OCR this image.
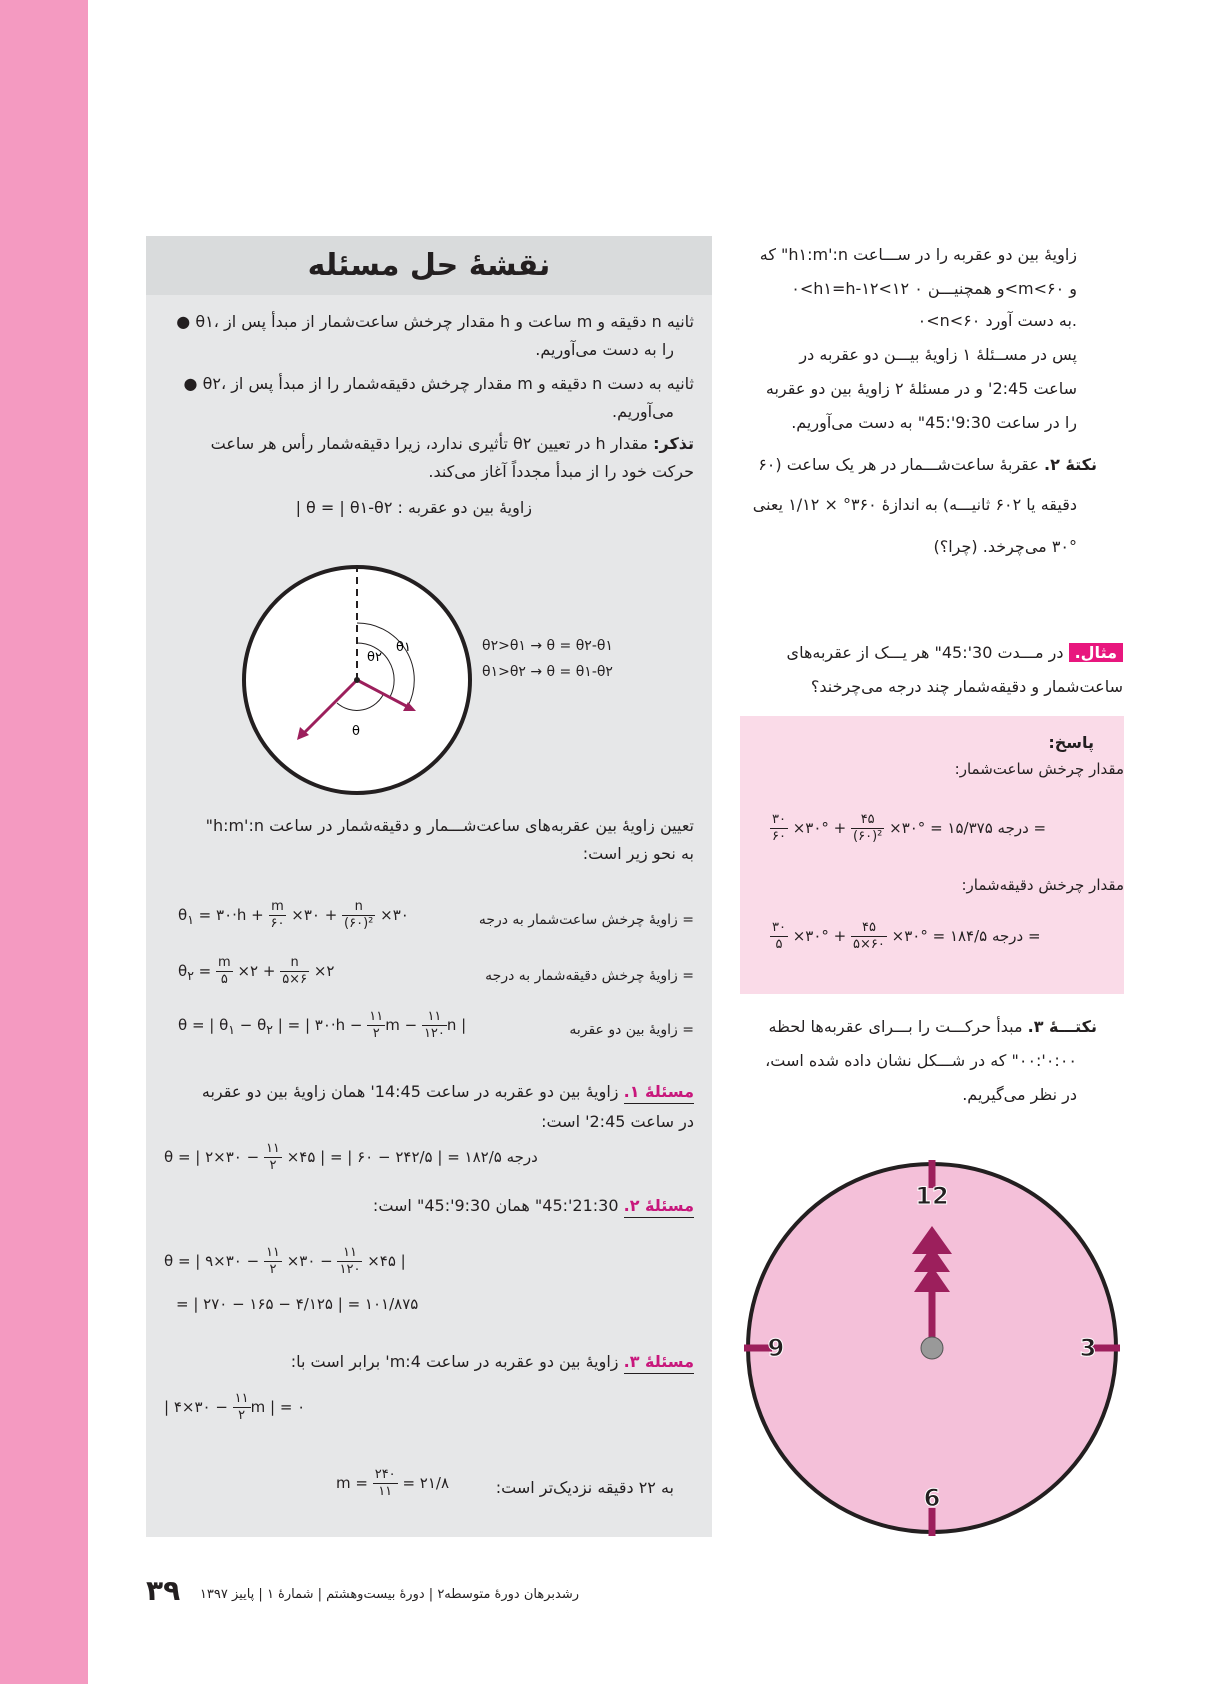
نقشهٔ حل مسئله
● θ۱، مقدار چرخش ساعت‌شمار از مبدأ پس از h ساعت و m دقیقه و n ثانیه
را به دست می‌آوریم.
● θ۲، مقدار چرخش دقیقه‌شمار را از مبدأ پس از m دقیقه و n ثانیه به دست
می‌آوریم.
تذکر: مقدار h در تعیین θ۲ تأثیری ندارد، زیرا دقیقه‌شمار رأس هر ساعت
حرکت خود را از مبدأ مجدداً آغاز می‌کند.
زاویهٔ بین دو عقربه : θ = | θ۱-θ۲ |
θ۲
θ۱
θ
θ۲>θ۱ → θ = θ۲-θ۱
θ۱>θ۲ → θ = θ۱-θ۲
تعیین زاویهٔ بین عقربه‌های ساعت‌شـــمار و دقیقه‌شمار در ساعت h:m':n"
به نحو زیر است:
= زاویهٔ چرخش ساعت‌شمار به درجه
$\theta_۱$ = ۳۰·h + m
۶۰ ×۳۰ + n
(۶۰)² ×۳۰
= زاویهٔ چرخش دقیقه‌شمار به درجه
$\theta_۲ = m$
۵ ×۲ + n
۵×۶ ×۲
= زاویهٔ بین دو عقربه
θ = | $\theta_۱ - \theta_۲$ | = | ۳۰·h − ۱۱
۲ m − ۱۱
۱۲۰ n |
مسئلهٔ ۱. زاویهٔ بین دو عقربه در ساعت 14:45' همان زاویهٔ بین دو عقربه
در ساعت 2:45' است:
θ = | ۲×۳۰ − ۱۱
۲ ×۴۵ | = | ۶۰ − ۲۴۲/۵ | = ۱۸۲/۵ درجه
مسئلهٔ ۲. 21:30':45" همان 9:30':45" است:
θ = | ۹×۳۰ − ۱۱
۲ ×۳۰ − ۱۱
۱۲۰ ×۴۵ |
= | ۲۷۰ − ۱۶۵ − ۴/۱۲۵ | = ۱۰۱/۸۷۵
مسئلهٔ ۳. زاویهٔ بین دو عقربه در ساعت 4:m' برابر است با:
| ۴×۳۰ − ۱۱
۲ m | = ۰
به ۲۲ دقیقه نزدیک‌تر است:
m = ۲۴۰
۱۱ = ۲۱/۸
زاویهٔ بین دو عقربه را در ســـاعت h۱:m':n" که
۰<h۱=h-۱۲<۱۲ و همچنیـــن ۰<m<۶۰ و
۰<n<۶۰ به دست آورد.
پس در مســئلهٔ ۱ زاویهٔ بیـــن دو عقربه در
ساعت 2:45' و در مسئلهٔ ۲ زاویهٔ بین دو عقربه
را در ساعت 9:30':45" به دست می‌آوریم.
نکتهٔ ۲. عقربهٔ ساعت‌شـــمار در هر یک ساعت (۶۰
دقیقه یا ۶۰۲ ثانیـــه) به اندازهٔ ۳۶۰° × ۱/۱۲ یعنی
۳۰° می‌چرخد. (چرا؟)
مثال. در مـــدت 30':45" هر یـــک از عقربه‌های
ساعت‌شمار و دقیقه‌شمار چند درجه می‌چرخند؟
پاسخ:
مقدار چرخش ساعت‌شمار:
۳۰
۶۰ ×۳۰° + ۴۵
(۶۰)² ×۳۰° = درجه ۱۵/۳۷۵ =
مقدار چرخش دقیقه‌شمار:
۳۰
۵ ×۳۰° + ۴۵
۵×۶۰ ×۳۰° = درجه ۱۸۴/۵ =
نکتـــهٔ ۳. مبدأ حرکـــت را بـــرای عقربه‌ها لحظه
۰:۰۰':۰۰" که در شـــکل نشان داده شده است،
در نظر می‌گیریم.
12
3
6
9
۳۹ رشدبرهان دورهٔ متوسطه۲ | دورهٔ بیست‌وهشتم | شمارهٔ ۱ | پاییز ۱۳۹۷
